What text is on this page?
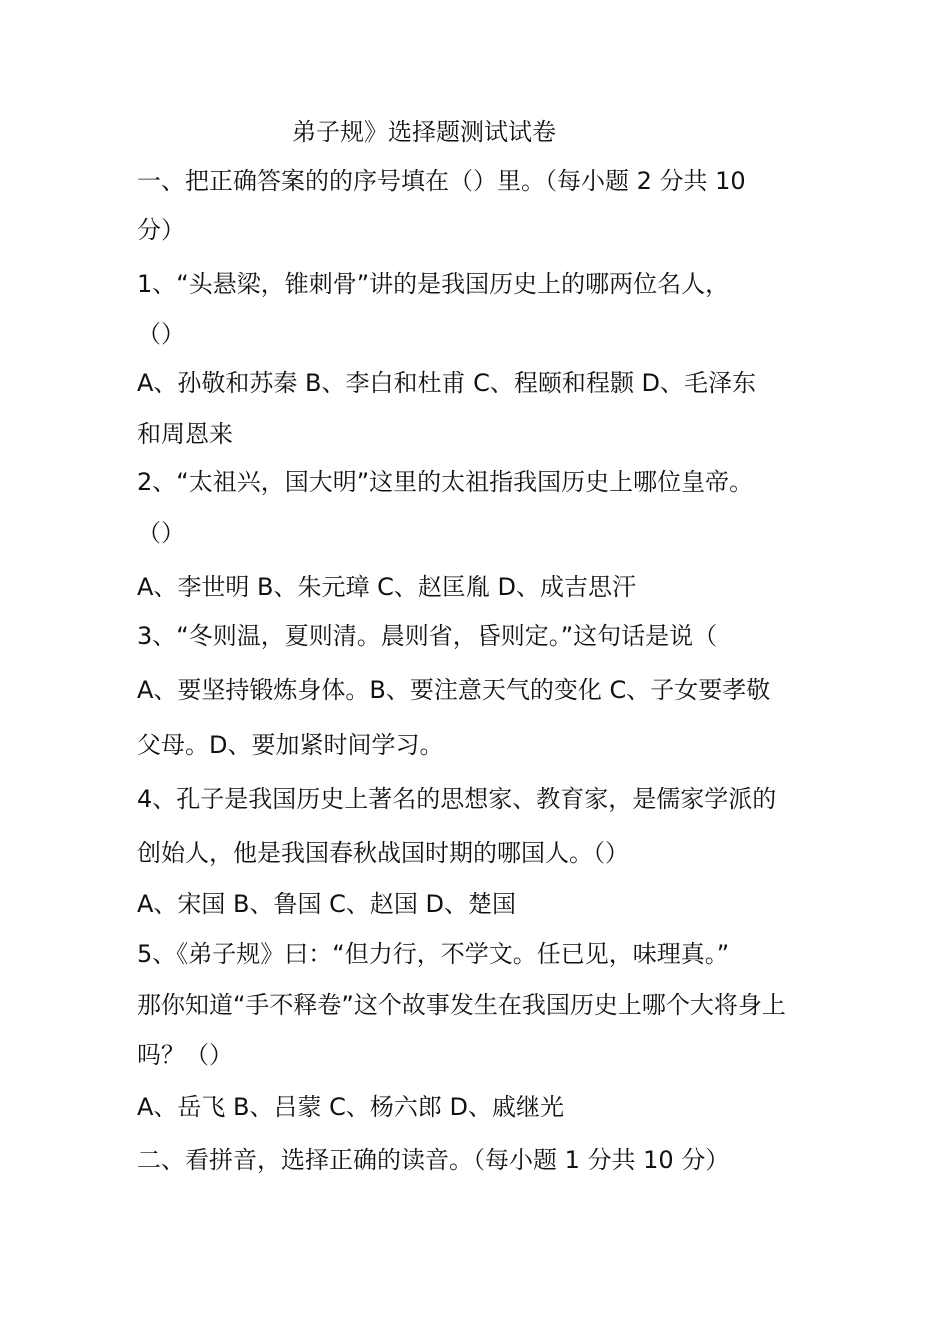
弟子规》选择题测试试卷
一、把正确答案的的序号填在（）里。（每小题 2 分共 10
分）
1、“头悬梁，锥刺骨”讲的是我国历史上的哪两位名人，
（）
A、孙敬和苏秦 B、李白和杜甫 C、程颐和程颢 D、毛泽东
和周恩来
2、“太祖兴，国大明”这里的太祖指我国历史上哪位皇帝。
（）
A、李世明 B、朱元璋 C、赵匡胤 D、成吉思汗
3、“冬则温，夏则清。晨则省，昏则定。”这句话是说（
A、要坚持锻炼身体。B、要注意天气的变化 C、子女要孝敬
父母。D、要加紧时间学习。
4、孔子是我国历史上著名的思想家、教育家，是儒家学派的
创始人，他是我国春秋战国时期的哪国人。（）
A、宋国 B、鲁国 C、赵国 D、楚国
5、《弟子规》曰：“但力行，不学文。任已见，味理真。”
那你知道“手不释卷”这个故事发生在我国历史上哪个大将身上
吗？（）
A、岳飞 B、吕蒙 C、杨六郎 D、戚继光
二、看拼音，选择正确的读音。（每小题 1 分共 10 分）
